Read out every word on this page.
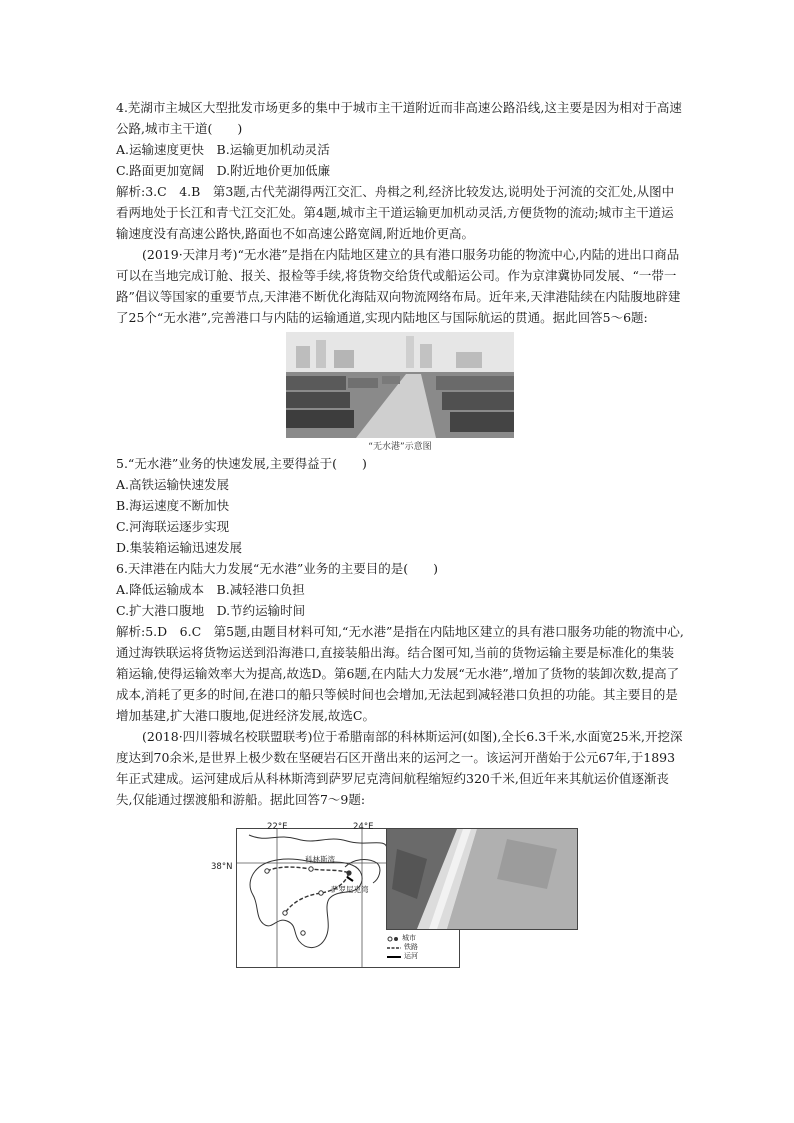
4.芜湖市主城区大型批发市场更多的集中于城市主干道附近而非高速公路沿线,这主要是因为相对于高速公路,城市主干道(　　)

A.运输速度更快　 B.运输更加机动灵活

C.路面更加宽阔　 D.附近地价更加低廉

解析:3.C　4.B　第3题,古代芜湖得两江交汇、舟楫之利,经济比较发达,说明处于河流的交汇处,从图中看两地处于长江和青弋江交汇处。第4题,城市主干道运输更加机动灵活,方便货物的流动;城市主干道运输速度没有高速公路快,路面也不如高速公路宽阔,附近地价更高。

(2019·天津月考)“无水港”是指在内陆地区建立的具有港口服务功能的物流中心,内陆的进出口商品可以在当地完成订舱、报关、报检等手续,将货物交给货代或船运公司。作为京津冀协同发展、“一带一路”倡议等国家的重要节点,天津港不断优化海陆双向物流网络布局。近年来,天津港陆续在内陆腹地辟建了25个“无水港”,完善港口与内陆的运输通道,实现内陆地区与国际航运的贯通。据此回答5～6题:

“无水港”示意图

5.“无水港”业务的快速发展,主要得益于(　　)

A.高铁运输快速发展

B.海运速度不断加快

C.河海联运逐步实现

D.集装箱运输迅速发展

6.天津港在内陆大力发展“无水港”业务的主要目的是(　　)

A.降低运输成本　 B.减轻港口负担

C.扩大港口腹地　 D.节约运输时间

解析:5.D　6.C　第5题,由题目材料可知,“无水港”是指在内陆地区建立的具有港口服务功能的物流中心,通过海铁联运将货物运送到沿海港口,直接装船出海。结合图可知,当前的货物运输主要是标准化的集装箱运输,使得运输效率大为提高,故选D。第6题,在内陆大力发展“无水港”,增加了货物的装卸次数,提高了成本,消耗了更多的时间,在港口的船只等候时间也会增加,无法起到减轻港口负担的功能。其主要目的是增加基建,扩大港口腹地,促进经济发展,故选C。

(2018·四川蓉城名校联盟联考)位于希腊南部的科林斯运河(如图),全长6.3千米,水面宽25米,开挖深度达到70余米,是世界上极少数在坚硬岩石区开凿出来的运河之一。该运河开凿始于公元67年,于1893年正式建成。运河建成后从科林斯湾到萨罗尼克湾间航程缩短约320千米,但近年来其航运价值逐渐丧失,仅能通过摆渡船和游船。据此回答7～9题:

22°E	24°E
38°N
科林斯湾
萨罗尼克湾
城市
铁路
运河
